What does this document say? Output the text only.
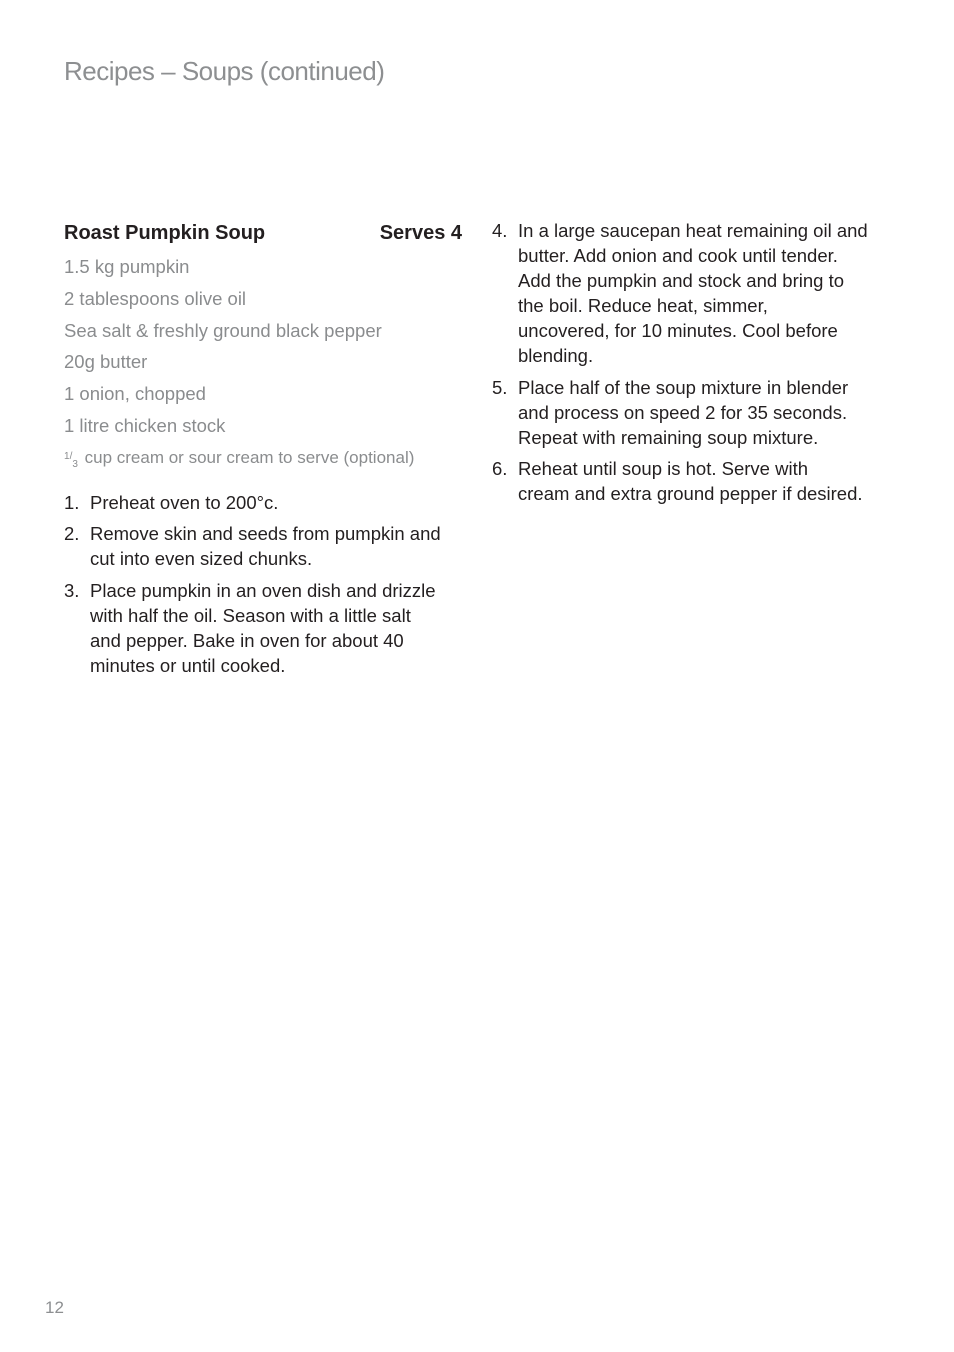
Recipes – Soups (continued)
Roast Pumpkin Soup	Serves 4
1.5 kg pumpkin
2 tablespoons olive oil
Sea salt & freshly ground black pepper
20g butter
1 onion, chopped
1 litre chicken stock
1/3 cup cream or sour cream to serve (optional)
1. Preheat oven to 200°c.
2. Remove skin and seeds from pumpkin and
cut into even sized chunks.
3. Place pumpkin in an oven dish and drizzle
with half the oil. Season with a little salt
and pepper. Bake in oven for about 40
minutes or until cooked.
4. In a large saucepan heat remaining oil and
butter. Add onion and cook until tender.
Add the pumpkin and stock and bring to
the boil. Reduce heat, simmer,
uncovered, for 10 minutes. Cool before
blending.
5. Place half of the soup mixture in blender
and process on speed 2 for 35 seconds.
Repeat with remaining soup mixture.
6. Reheat until soup is hot. Serve with
cream and extra ground pepper if desired.
12
